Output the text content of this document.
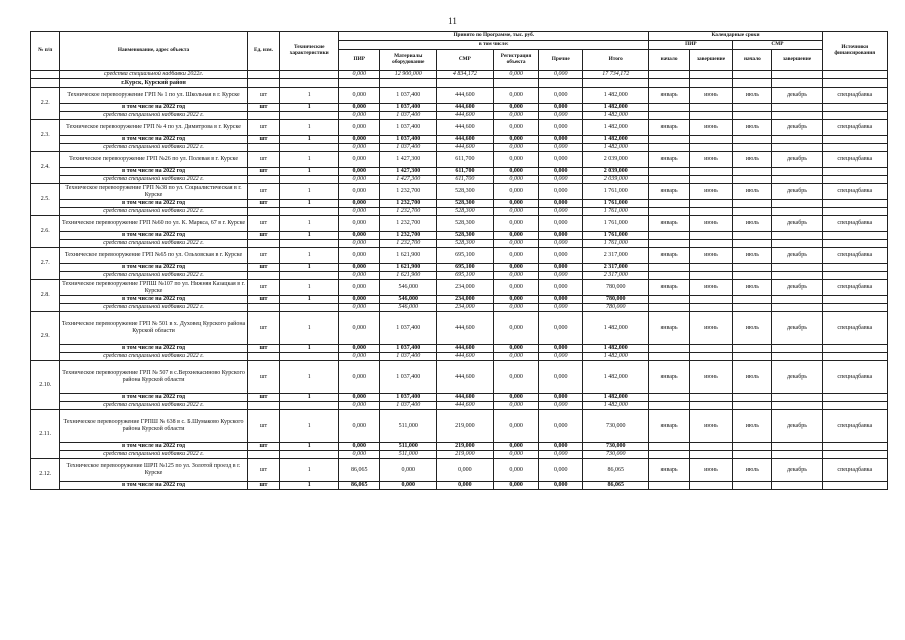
11
№ п/п	Наименование, адрес объекта	Ед. изм.	Технические характеристики	Принято по Программе, тыс. руб.						Календарные сроки				Источники финансирования
				в том числе:						ПИР		СМР		
				ПИР	Материалы оборудование	СМР	Регистрация объекта	Прочие	Итого	начало	завершение	начало	завершение	
	средства специальной надбавки 2022г.			0,000	12 900,000	4 834,172	0,000	0,000	17 734,172					
	г.Курск, Курский район													
2.2.	Техническое перевооружение ГРП № 1 по ул. Школьная в г. Курске	шт	1	0,000	1 037,400	444,600	0,000	0,000	1 482,000	январь	июнь	июль	декабрь	спецнадбавка
	в том числе на 2022 год	шт	1	0,000	1 037,400	444,600	0,000	0,000	1 482,000					
	средства специальной надбавки 2022 г.			0,000	1 037,400	444,600	0,000	0,000	1 482,000					
2.3.	Техническое перевооружение ГРП № 4 по ул. Димитрова в г. Курске	шт	1	0,000	1 037,400	444,600	0,000	0,000	1 482,000	январь	июнь	июль	декабрь	спецнадбавка
	в том числе на 2022 год	шт	1	0,000	1 037,400	444,600	0,000	0,000	1 482,000					
	средства специальной надбавки 2022 г.			0,000	1 037,400	444,600	0,000	0,000	1 482,000					
2.4.	Техническое перевооружение ГРП №26 по ул. Полевая в г. Курске	шт	1	0,000	1 427,300	611,700	0,000	0,000	2 039,000	январь	июнь	июль	декабрь	спецнадбавка
	в том числе на 2022 год	шт	1	0,000	1 427,300	611,700	0,000	0,000	2 039,000					
	средства специальной надбавки 2022 г.			0,000	1 427,300	611,700	0,000	0,000	2 039,000					
2.5.	Техническое перевооружение ГРП №38 по ул. Социалистическая в г. Курске	шт	1	0,000	1 232,700	528,300	0,000	0,000	1 761,000	январь	июнь	июль	декабрь	спецнадбавка
	в том числе на 2022 год	шт	1	0,000	1 232,700	528,300	0,000	0,000	1 761,000					
	средства специальной надбавки 2022 г.			0,000	1 232,700	528,300	0,000	0,000	1 761,000					
2.6.	Техническое перевооружение ГРП №60 по ул. К. Маркса, 67 в г. Курске	шт	1	0,000	1 232,700	528,300	0,000	0,000	1 761,000	январь	июнь	июль	декабрь	спецнадбавка
	в том числе на 2022 год	шт	1	0,000	1 232,700	528,300	0,000	0,000	1 761,000					
	средства специальной надбавки 2022 г.			0,000	1 232,700	528,300	0,000	0,000	1 761,000					
2.7.	Техническое перевооружение ГРП №65 по ул. Ольховская в г. Курске	шт	1	0,000	1 621,900	695,100	0,000	0,000	2 317,000	январь	июнь	июль	декабрь	спецнадбавка
	в том числе на 2022 год	шт	1	0,000	1 621,900	695,100	0,000	0,000	2 317,000					
	средства специальной надбавки 2022 г.			0,000	1 621,900	695,100	0,000	0,000	2 317,000					
2.8.	Техническое перевооружение ГРПШ №107 по ул. Нижняя Казацкая в г. Курске	шт	1	0,000	546,000	234,000	0,000	0,000	780,000	январь	июнь	июль	декабрь	спецнадбавка
	в том числе на 2022 год	шт	1	0,000	546,000	234,000	0,000	0,000	780,000					
	средства специальной надбавки 2022 г.			0,000	546,000	234,000	0,000	0,000	780,000					
2.9.	Техническое перевооружение ГРП № 501 в х. Духовец Курского района Курской области	шт	1	0,000	1 037,400	444,600	0,000	0,000	1 482,000	январь	июнь	июль	декабрь	спецнадбавка
	в том числе на 2022 год	шт	1	0,000	1 037,400	444,600	0,000	0,000	1 482,000					
	средства специальной надбавки 2022 г.			0,000	1 037,400	444,600	0,000	0,000	1 482,000					
2.10.	Техническое перевооружение ГРП № 507 в с.Верхнекасиново Курского района Курской области	шт	1	0,000	1 037,400	444,600	0,000	0,000	1 482,000	январь	июнь	июль	декабрь	спецнадбавка
	в том числе на 2022 год	шт	1	0,000	1 037,400	444,600	0,000	0,000	1 482,000					
	средства специальной надбавки 2022 г.			0,000	1 037,400	444,600	0,000	0,000	1 482,000					
2.11.	Техническое перевооружение ГРПШ № 638 в с. Б.Шумаково Курского района Курской области	шт	1	0,000	511,000	219,000	0,000	0,000	730,000	январь	июнь	июль	декабрь	спецнадбавка
	в том числе на 2022 год	шт	1	0,000	511,000	219,000	0,000	0,000	730,000					
	средства специальной надбавки 2022 г.			0,000	511,000	219,000	0,000	0,000	730,000					
2.12.	Техническое перевооружение ШРП №125 по ул. Золотой проезд в г. Курске	шт	1	86,065	0,000	0,000	0,000	0,000	86,065	январь	июнь	июль	декабрь	спецнадбавка
	в том числе на 2022 год	шт	1	86,065	0,000	0,000	0,000	0,000	86,065					
